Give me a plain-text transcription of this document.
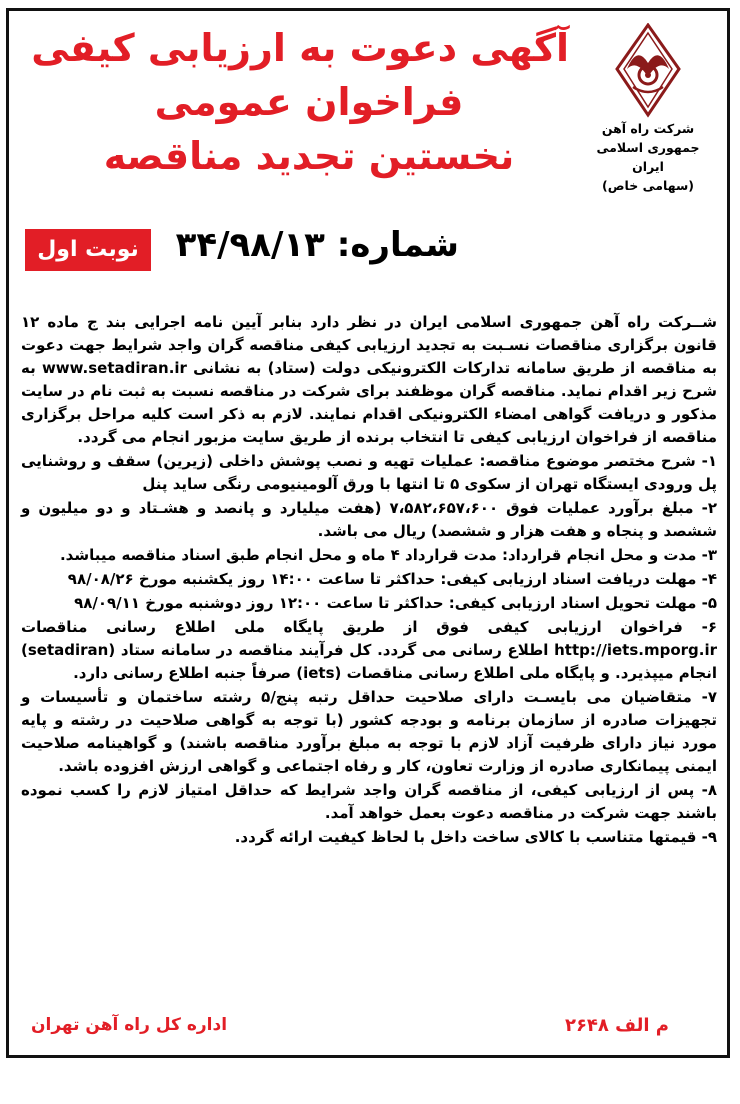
شرکت راه آهن
جمهوری اسلامی ایران
(سهامی خاص)
آگهی دعوت به ارزیابی کیفی
فراخوان عمومی
نخستین تجدید مناقصه
شماره: ۳۴/۹۸/۱۳
نوبت اول

شــرکت راه آهن جمهوری اسلامی ایران در نظر دارد بنابر آیین نامه اجرایی بند ج ماده ۱۲ قانون برگزاری مناقصات نسـبت به تجدید ارزیابی کیفی مناقصه گران واجد شرایط جهت دعوت به مناقصه از طریق سامانه تدارکات الکترونیکی دولت (ستاد) به نشانی www.setadiran.ir به شرح زیر اقدام نماید. مناقصه گران موظفند برای شرکت در مناقصه نسبت به ثبت نام در سایت مذکور و دریافت گواهی امضاء الکترونیکی اقدام نمایند. لازم به ذکر است کلیه مراحل برگزاری مناقصه از فراخوان ارزیابی کیفی تا انتخاب برنده از طریق سایت مزبور انجام می گردد.

۱- شرح مختصر موضوع مناقصه: عملیات تهیه و نصب پوشش داخلی (زیرین) سقف و روشنایی پل ورودی ایستگاه تهران از سکوی ۵ تا انتها با ورق آلومینیومی رنگی ساید پنل

۲- مبلغ برآورد عملیات فوق ۷،۵۸۲،۶۵۷،۶۰۰ (هفت میلیارد و پانصد و هشـتاد و دو میلیون و ششصد و پنجاه و هفت هزار و ششصد) ریال می باشد.

۳- مدت و محل انجام قرارداد: مدت قرارداد ۴ ماه و محل انجام طبق اسناد مناقصه میباشد.

۴- مهلت دریافت اسناد ارزیابی کیفی: حداکثر تا ساعت ۱۴:۰۰ روز یکشنبه مورخ ۹۸/۰۸/۲۶

۵- مهلت تحویل اسناد ارزیابی کیفی: حداکثر تا ساعت ۱۲:۰۰ روز دوشنبه مورخ ۹۸/۰۹/۱۱

۶- فراخوان ارزیابی کیفی فوق از طریق پایگاه ملی اطلاع رسانی مناقصات http://iets.mporg.ir اطلاع رسانی می گردد. کل فرآیند مناقصه در سامانه ستاد (setadiran) انجام میپذیرد. و پایگاه ملی اطلاع رسانی مناقصات (iets) صرفاً جنبه اطلاع رسانی دارد.

۷- متقاضیان می بایسـت دارای صلاحیت حداقل رتبه پنج/۵ رشته ساختمان و تأسیسات و تجهیزات صادره از سازمان برنامه و بودجه کشور (با توجه به گواهی صلاحیت در رشته و پایه مورد نیاز دارای ظرفیت آزاد لازم با توجه به مبلغ برآورد مناقصه باشند) و گواهینامه صلاحیت ایمنی پیمانکاری صادره از وزارت تعاون، کار و رفاه اجتماعی و گواهی ارزش افزوده باشد.

۸- پس از ارزیابی کیفی، از مناقصه گران واجد شرایط که حداقل امتیاز لازم را کسب نموده باشند جهت شرکت در مناقصه دعوت بعمل خواهد آمد.

۹- قیمتها متناسب با کالای ساخت داخل با لحاظ کیفیت ارائه گردد.

م الف ۲۶۴۸
اداره کل راه آهن تهران
